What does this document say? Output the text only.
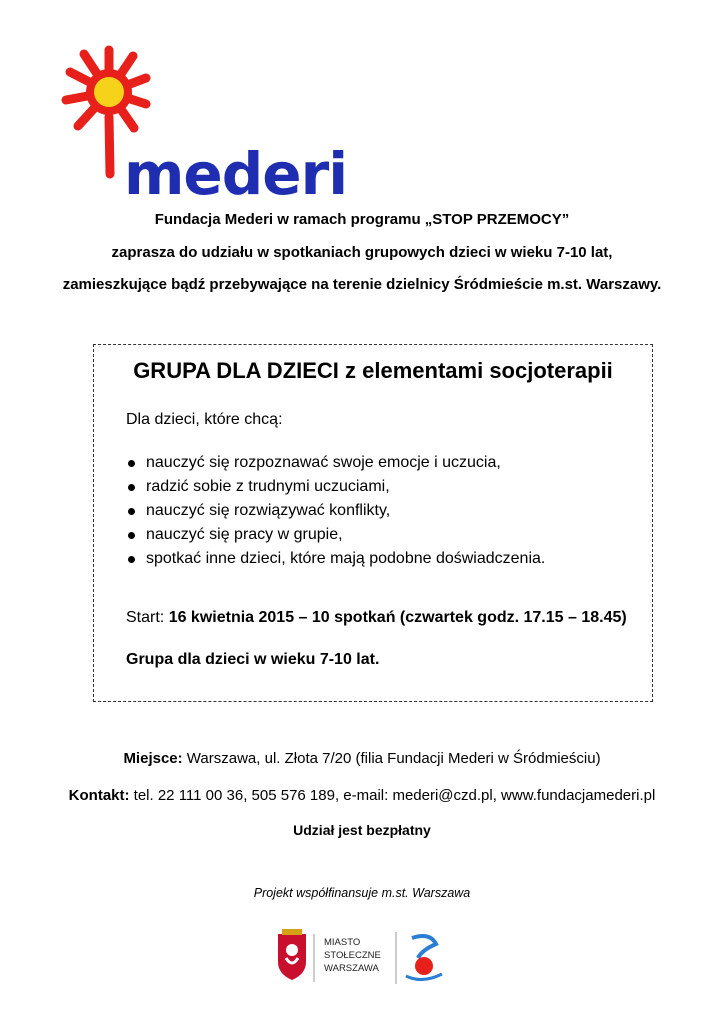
mederi
Fundacja Mederi w ramach programu „STOP PRZEMOCY”
zaprasza do udziału w spotkaniach grupowych dzieci w wieku 7-10 lat,
zamieszkujące bądź przebywające na terenie dzielnicy Śródmieście m.st. Warszawy.
GRUPA DLA DZIECI z elementami socjoterapii
Dla dzieci, które chcą:
nauczyć się rozpoznawać swoje emocje i uczucia,
radzić sobie z trudnymi uczuciami,
nauczyć się rozwiązywać konflikty,
nauczyć się pracy w grupie,
spotkać inne dzieci, które mają podobne doświadczenia.
Start: 16 kwietnia 2015 – 10 spotkań (czwartek godz. 17.15 – 18.45)
Grupa dla dzieci w wieku 7-10 lat.
Miejsce: Warszawa, ul. Złota 7/20 (filia Fundacji Mederi w Śródmieściu)
Kontakt: tel. 22 111 00 36, 505 576 189, e-mail: mederi@czd.pl, www.fundacjamederi.pl
Udział jest bezpłatny
Projekt współfinansuje m.st. Warszawa
MIASTO
STOŁECZNE
WARSZAWA
